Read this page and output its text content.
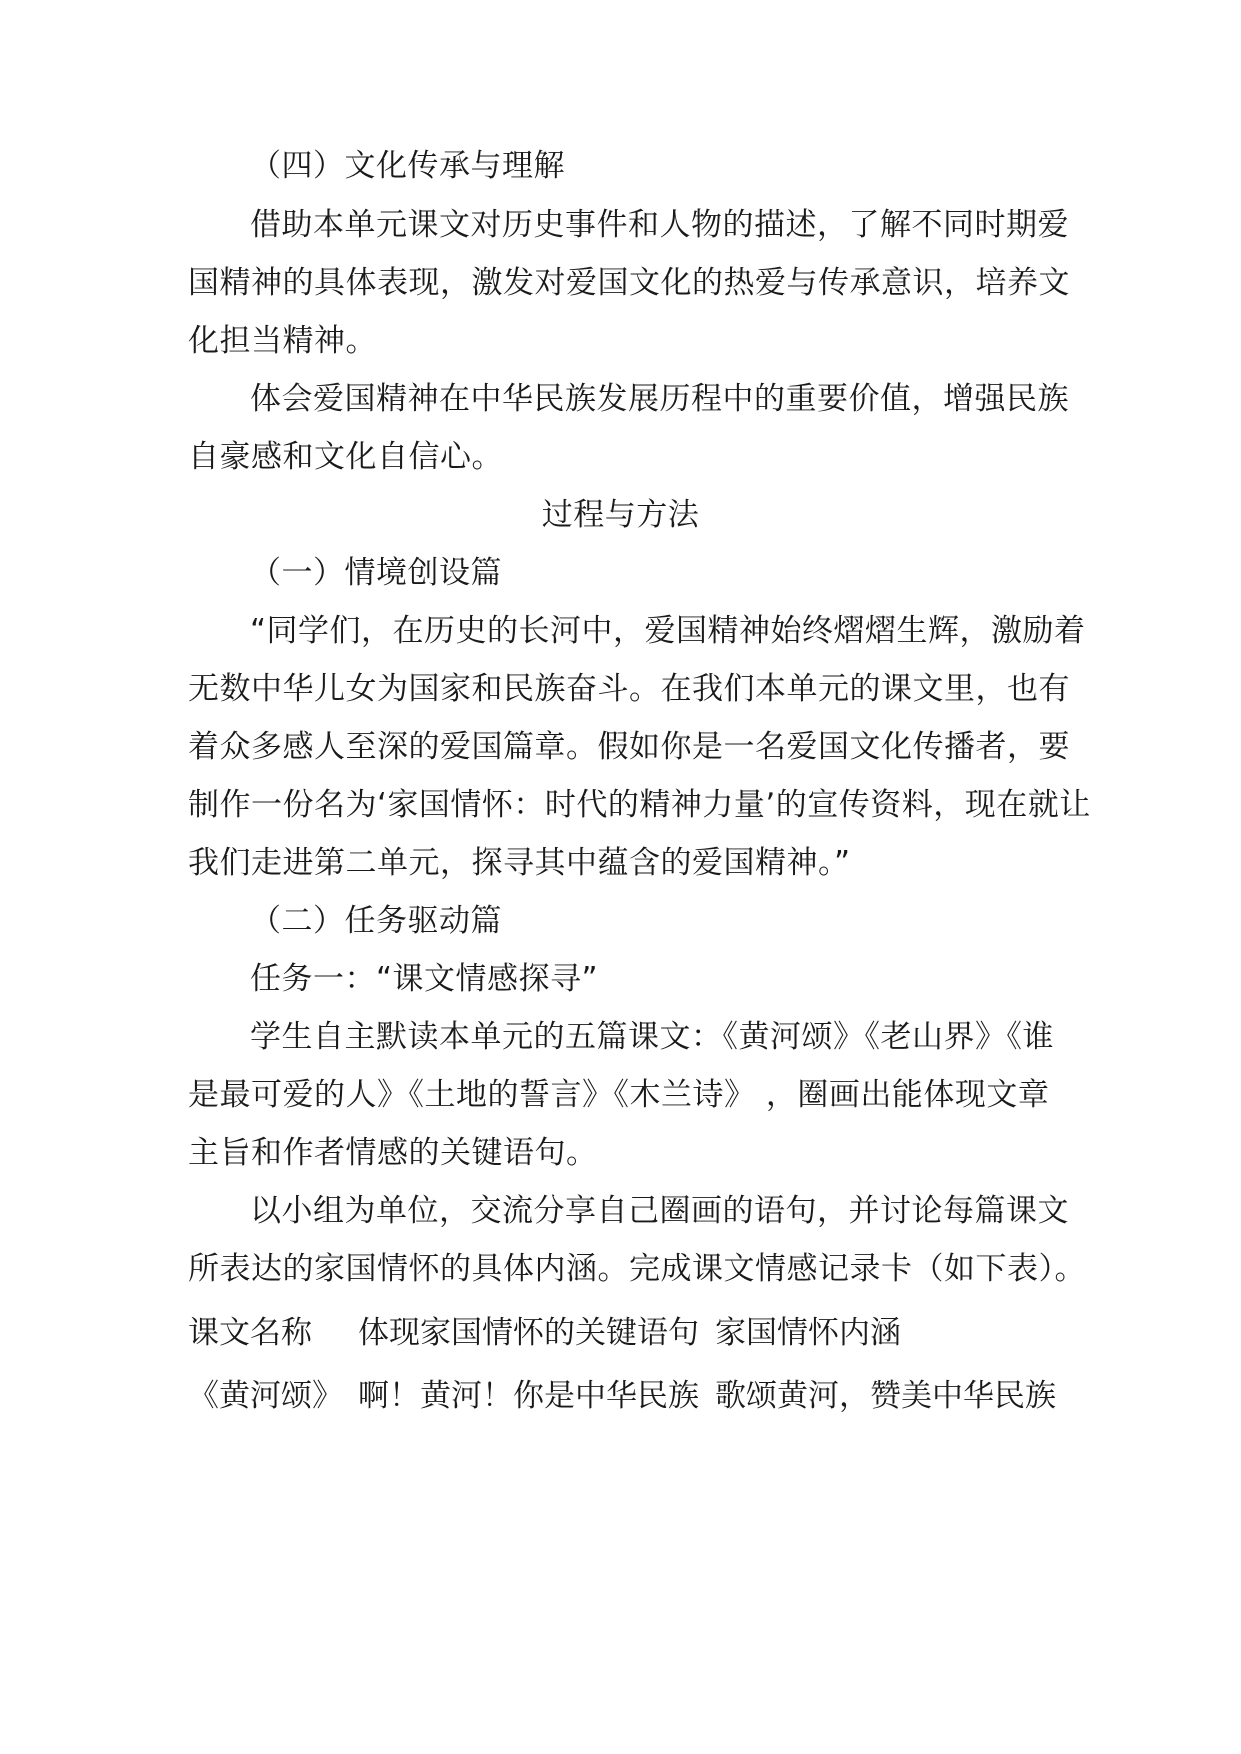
（四）文化传承与理解
借助本单元课文对历史事件和人物的描述，了解不同时期爱
国精神的具体表现，激发对爱国文化的热爱与传承意识，培养文
化担当精神。
体会爱国精神在中华民族发展历程中的重要价值，增强民族
自豪感和文化自信心。
过程与方法
（一）情境创设篇
“同学们，在历史的长河中，爱国精神始终熠熠生辉，激励着
无数中华儿女为国家和民族奋斗。在我们本单元的课文里，也有
着众多感人至深的爱国篇章。假如你是一名爱国文化传播者，要
制作一份名为‘家国情怀：时代的精神力量’的宣传资料，现在就让
我们走进第二单元，探寻其中蕴含的爱国精神。”
（二）任务驱动篇
任务一：“课文情感探寻”
学生自主默读本单元的五篇课文：《黄河颂》《老山界》《谁
是最可爱的人》《土地的誓言》《木兰诗》 ，圈画出能体现文章
主旨和作者情感的关键语句。
以小组为单位，交流分享自己圈画的语句，并讨论每篇课文
所表达的家国情怀的具体内涵。完成课文情感记录卡（如下表）。
课文名称 体现家国情怀的关键语句 家国情怀内涵
《黄河颂》 啊！黄河！你是中华民族 歌颂黄河，赞美中华民族
